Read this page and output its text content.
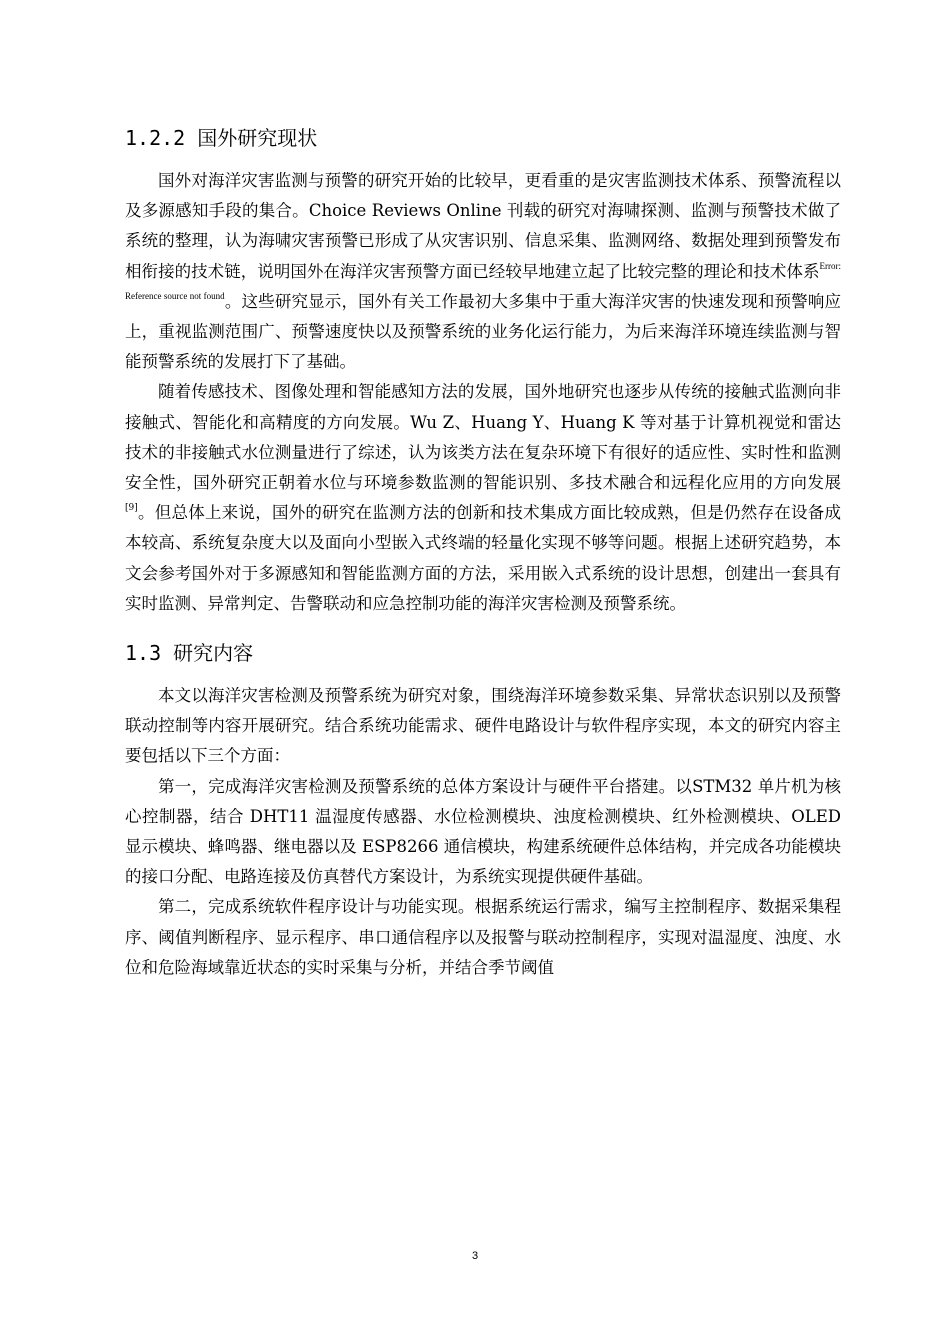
1.2.2 国外研究现状

国外对海洋灾害监测与预警的研究开始的比较早，更看重的是灾害监测技术体系、预警流程以及多源感知手段的集合。Choice Reviews Online 刊载的研究对海啸探测、监测与预警技术做了系统的整理，认为海啸灾害预警已形成了从灾害识别、信息采集、监测网络、数据处理到预警发布相衔接的技术链，说明国外在海洋灾害预警方面已经较早地建立起了比较完整的理论和技术体系$^{Error: Reference source not found}$。这些研究显示，国外有关工作最初大多集中于重大海洋灾害的快速发现和预警响应上，重视监测范围广、预警速度快以及预警系统的业务化运行能力，为后来海洋环境连续监测与智能预警系统的发展打下了基础。

随着传感技术、图像处理和智能感知方法的发展，国外地研究也逐步从传统的接触式监测向非接触式、智能化和高精度的方向发展。Wu Z、Huang Y、Huang K 等对基于计算机视觉和雷达技术的非接触式水位测量进行了综述，认为该类方法在复杂环境下有很好的适应性、实时性和监测安全性，国外研究正朝着水位与环境参数监测的智能识别、多技术融合和远程化应用的方向发展[9]。但总体上来说，国外的研究在监测方法的创新和技术集成方面比较成熟，但是仍然存在设备成本较高、系统复杂度大以及面向小型嵌入式终端的轻量化实现不够等问题。根据上述研究趋势，本文会参考国外对于多源感知和智能监测方面的方法，采用嵌入式系统的设计思想，创建出一套具有实时监测、异常判定、告警联动和应急控制功能的海洋灾害检测及预警系统。

1.3 研究内容

本文以海洋灾害检测及预警系统为研究对象，围绕海洋环境参数采集、异常状态识别以及预警联动控制等内容开展研究。结合系统功能需求、硬件电路设计与软件程序实现，本文的研究内容主要包括以下三个方面：

第一，完成海洋灾害检测及预警系统的总体方案设计与硬件平台搭建。以STM32 单片机为核心控制器，结合 DHT11 温湿度传感器、水位检测模块、浊度检测模块、红外检测模块、OLED 显示模块、蜂鸣器、继电器以及 ESP8266 通信模块，构建系统硬件总体结构，并完成各功能模块的接口分配、电路连接及仿真替代方案设计，为系统实现提供硬件基础。

第二，完成系统软件程序设计与功能实现。根据系统运行需求，编写主控制程序、数据采集程序、阈值判断程序、显示程序、串口通信程序以及报警与联动控制程序，实现对温湿度、浊度、水位和危险海域靠近状态的实时采集与分析，并结合季节阈值

3
